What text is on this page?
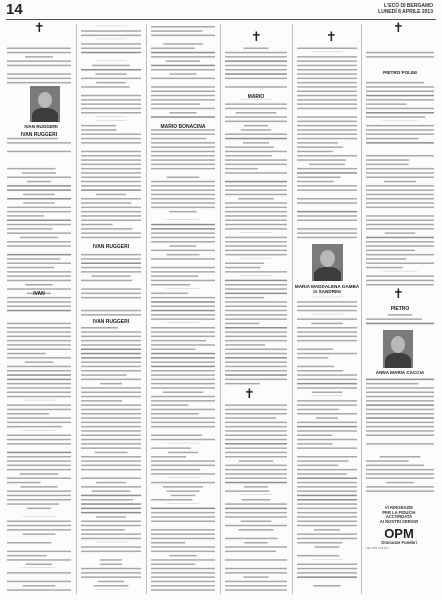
14	L'ECO DI BERGAMO
LUNEDÌ 8 APRILE 2013
✝
✝	✝
✝
✝
✝
IVAN RUGGERI
MARIA MADDALENA GAMBA in SANDRINI
ANNA MARIA CACCIA
PIETRO POLINI
IVAN RUGGERI
IVAN RUGGERI
IVAN
IVAN RUGGERI
MARIO BONACINA
MARIO
PIETRO
VI RINGRAZIE
PER LA FIDUCIA
ACCORDATA
AI NOSTRI SERVIZI
OPM
Onoranze Funebri
Tel. 035 224 477
